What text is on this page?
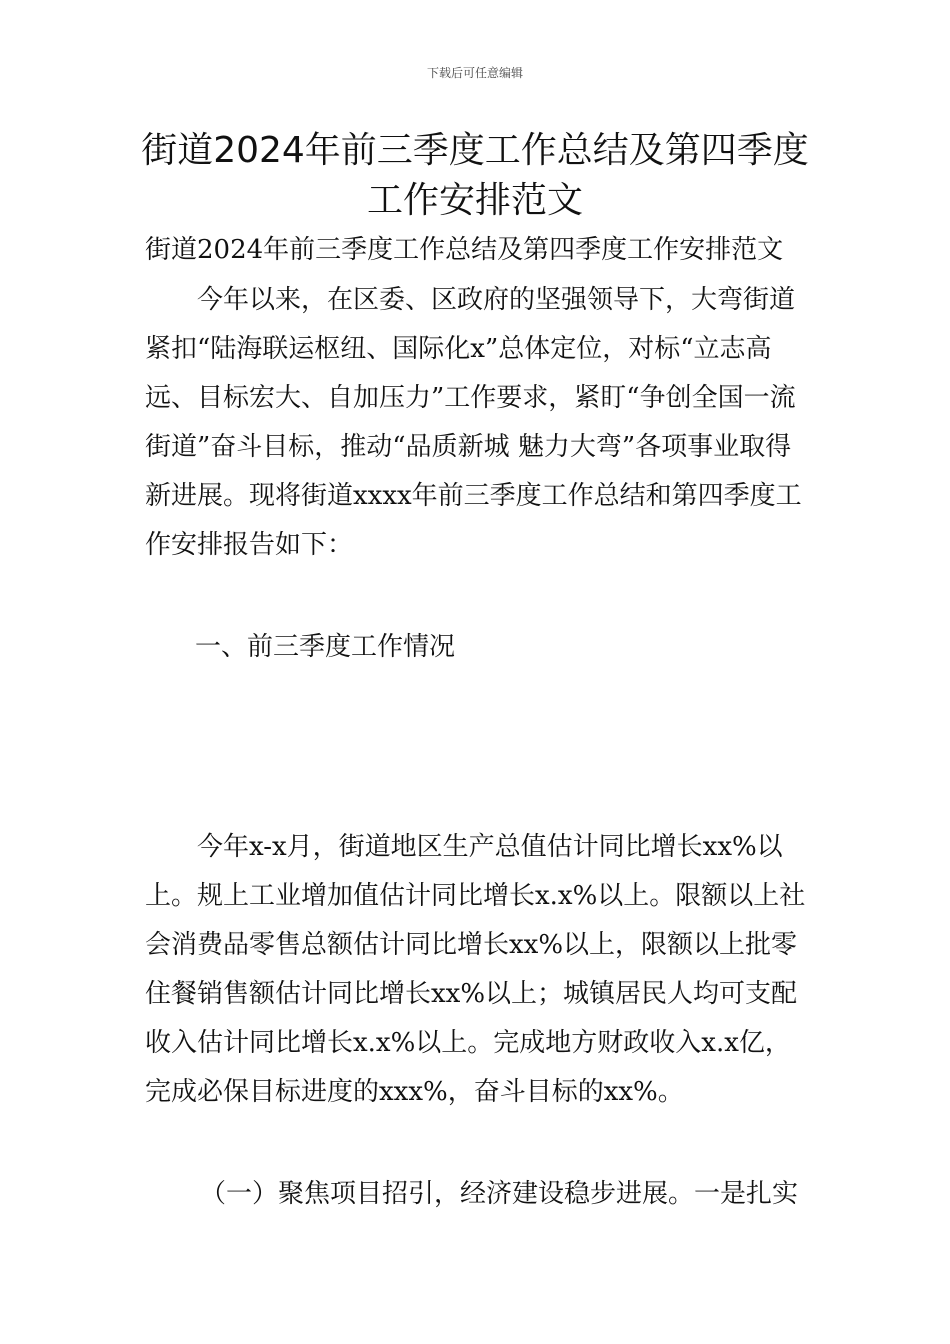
下载后可任意编辑
街道2024年前三季度工作总结及第四季度
工作安排范文

街道2024年前三季度工作总结及第四季度工作安排范文

今年以来，在区委、区政府的坚强领导下，大弯街道紧扣“陆海联运枢纽、国际化x”总体定位，对标“立志高远、目标宏大、自加压力”工作要求，紧盯“争创全国一流街道”奋斗目标，推动“品质新城 魅力大弯”各项事业取得新进展。现将街道xxxx年前三季度工作总结和第四季度工作安排报告如下：

一、前三季度工作情况

今年x-x月，街道地区生产总值估计同比增长xx%以上。规上工业增加值估计同比增长x.x%以上。限额以上社会消费品零售总额估计同比增长xx%以上，限额以上批零住餐销售额估计同比增长xx%以上；城镇居民人均可支配收入估计同比增长x.x%以上。完成地方财政收入x.x亿，完成必保目标进度的xxx%，奋斗目标的xx%。

（一）聚焦项目招引，经济建设稳步进展。一是扎实
